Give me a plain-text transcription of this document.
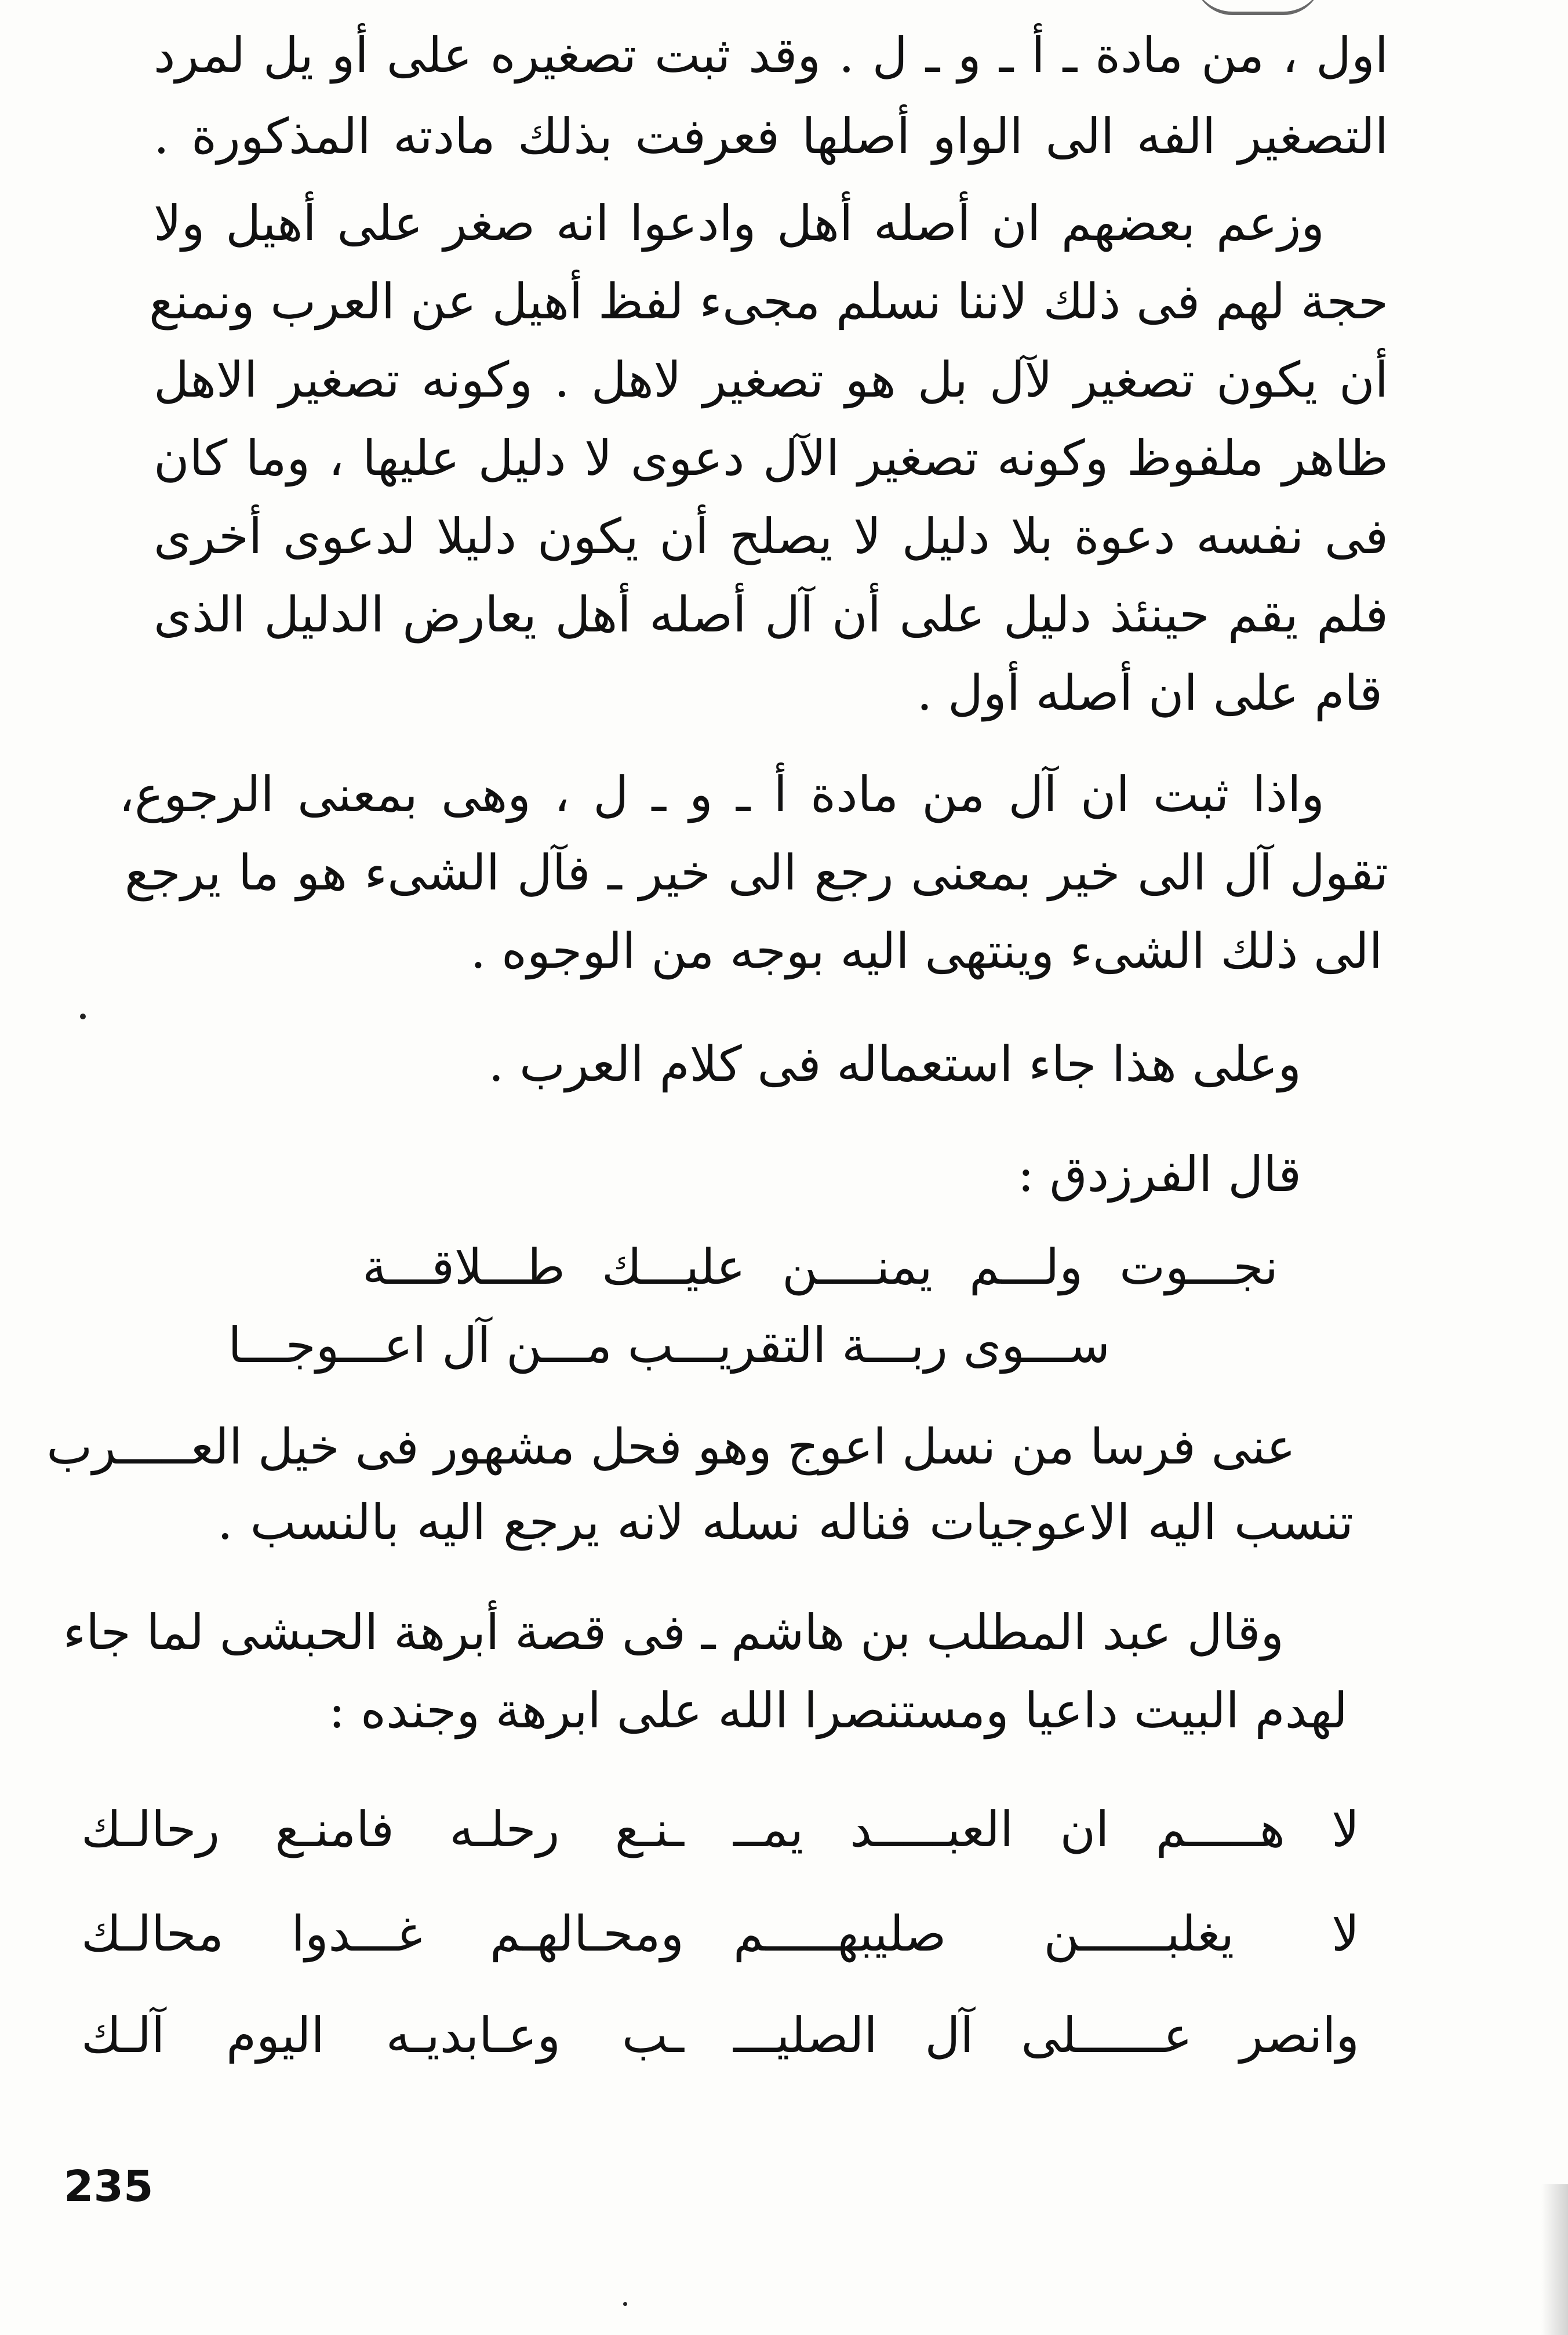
اول ، من مادة ـ أ ـ و ـ ل . وقد ثبت تصغيره على أو يل لمرد
التصغير الفه الى الواو أصلها فعرفت بذلك مادته المذكورة .
وزعم بعضهم ان أصله أهل وادعوا انه صغر على أهيل ولا
حجة لهم فى ذلك لاننا نسلم مجىء لفظ أهيل عن العرب ونمنع
أن يكون تصغير لآل بل هو تصغير لاهل . وكونه تصغير الاهل
ظاهر ملفوظ وكونه تصغير الآل دعوى لا دليل عليها ، وما كان
فى نفسه دعوة بلا دليل لا يصلح أن يكون دليلا لدعوى أخرى
فلم يقم حينئذ دليل على أن آل أصله أهل يعارض الدليل الذى
قام على ان أصله أول .
واذا ثبت ان آل من مادة أ ـ و ـ ل ، وهى بمعنى الرجوع،
تقول آل الى خير بمعنى رجع الى خير ـ فآل الشىء هو ما يرجع
الى ذلك الشىء وينتهى اليه بوجه من الوجوه .
وعلى هذا جاء استعماله فى كلام العرب .
قال الفرزدق :
نجـــوت ولـــم يمنــــن عليـــك طـــلاقـــة
ســـوى ربـــة التقريـــب مـــن آل اعـــوجـــا
عنى فرسا من نسل اعوج وهو فحل مشهور فى خيل العـــــرب
تنسب اليه الاعوجيات فناله نسله لانه يرجع اليه بالنسب .
وقال عبد المطلب بن هاشم ـ فى قصة أبرهة الحبشى لما جاء
لهدم البيت داعيا ومستنصرا الله على ابرهة وجنده :
لا هـــــم ان العبـــــد يمــ
ـنـع رحلـه فامنـع رحالـك
لا يغلبــــــن صليبهـــــم
ومحـالهـم غـــدوا محالـك
وانصر عــــــلى آل الصليـــ
ـب وعـابديـه اليوم آلـك
235
